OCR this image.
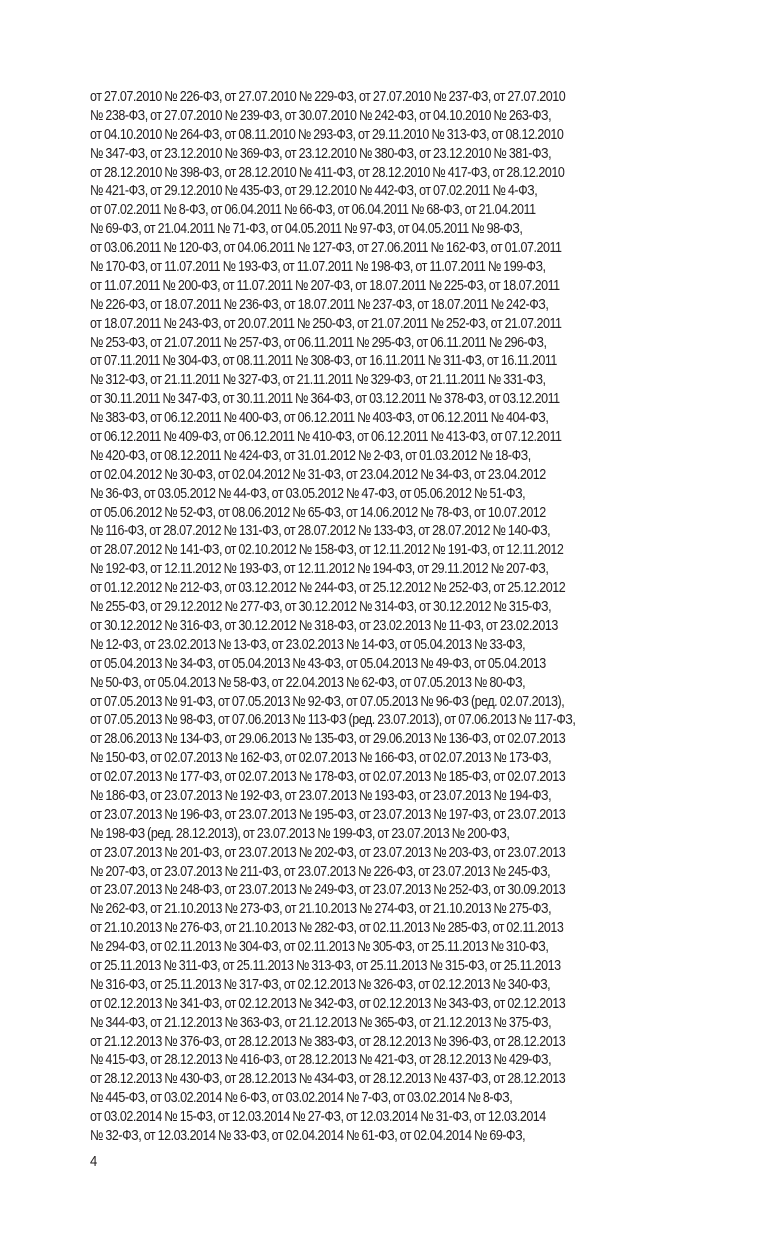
от 27.07.2010 № 226-ФЗ, от 27.07.2010 № 229-ФЗ, от 27.07.2010 № 237-ФЗ, от 27.07.2010
№ 238-ФЗ, от 27.07.2010 № 239-ФЗ, от 30.07.2010 № 242-ФЗ, от 04.10.2010 № 263-ФЗ,
от 04.10.2010 № 264-ФЗ, от 08.11.2010 № 293-ФЗ, от 29.11.2010 № 313-ФЗ, от 08.12.2010
№ 347-ФЗ, от 23.12.2010 № 369-ФЗ, от 23.12.2010 № 380-ФЗ, от 23.12.2010 № 381-ФЗ,
от 28.12.2010 № 398-ФЗ, от 28.12.2010 № 411-ФЗ, от 28.12.2010 № 417-ФЗ, от 28.12.2010
№ 421-ФЗ, от 29.12.2010 № 435-ФЗ, от 29.12.2010 № 442-ФЗ, от 07.02.2011 № 4-ФЗ,
от 07.02.2011 № 8-ФЗ, от 06.04.2011 № 66-ФЗ, от 06.04.2011 № 68-ФЗ, от 21.04.2011
№ 69-ФЗ, от 21.04.2011 № 71-ФЗ, от 04.05.2011 № 97-ФЗ, от 04.05.2011 № 98-ФЗ,
от 03.06.2011 № 120-ФЗ, от 04.06.2011 № 127-ФЗ, от 27.06.2011 № 162-ФЗ, от 01.07.2011
№ 170-ФЗ, от 11.07.2011 № 193-ФЗ, от 11.07.2011 № 198-ФЗ, от 11.07.2011 № 199-ФЗ,
от 11.07.2011 № 200-ФЗ, от 11.07.2011 № 207-ФЗ, от 18.07.2011 № 225-ФЗ, от 18.07.2011
№ 226-ФЗ, от 18.07.2011 № 236-ФЗ, от 18.07.2011 № 237-ФЗ, от 18.07.2011 № 242-ФЗ,
от 18.07.2011 № 243-ФЗ, от 20.07.2011 № 250-ФЗ, от 21.07.2011 № 252-ФЗ, от 21.07.2011
№ 253-ФЗ, от 21.07.2011 № 257-ФЗ, от 06.11.2011 № 295-ФЗ, от 06.11.2011 № 296-ФЗ,
от 07.11.2011 № 304-ФЗ, от 08.11.2011 № 308-ФЗ, от 16.11.2011 № 311-ФЗ, от 16.11.2011
№ 312-ФЗ, от 21.11.2011 № 327-ФЗ, от 21.11.2011 № 329-ФЗ, от 21.11.2011 № 331-ФЗ,
от 30.11.2011 № 347-ФЗ, от 30.11.2011 № 364-ФЗ, от 03.12.2011 № 378-ФЗ, от 03.12.2011
№ 383-ФЗ, от 06.12.2011 № 400-ФЗ, от 06.12.2011 № 403-ФЗ, от 06.12.2011 № 404-ФЗ,
от 06.12.2011 № 409-ФЗ, от 06.12.2011 № 410-ФЗ, от 06.12.2011 № 413-ФЗ, от 07.12.2011
№ 420-ФЗ, от 08.12.2011 № 424-ФЗ, от 31.01.2012 № 2-ФЗ, от 01.03.2012 № 18-ФЗ,
от 02.04.2012 № 30-ФЗ, от 02.04.2012 № 31-ФЗ, от 23.04.2012 № 34-ФЗ, от 23.04.2012
№ 36-ФЗ, от 03.05.2012 № 44-ФЗ, от 03.05.2012 № 47-ФЗ, от 05.06.2012 № 51-ФЗ,
от 05.06.2012 № 52-ФЗ, от 08.06.2012 № 65-ФЗ, от 14.06.2012 № 78-ФЗ, от 10.07.2012
№ 116-ФЗ, от 28.07.2012 № 131-ФЗ, от 28.07.2012 № 133-ФЗ, от 28.07.2012 № 140-ФЗ,
от 28.07.2012 № 141-ФЗ, от 02.10.2012 № 158-ФЗ, от 12.11.2012 № 191-ФЗ, от 12.11.2012
№ 192-ФЗ, от 12.11.2012 № 193-ФЗ, от 12.11.2012 № 194-ФЗ, от 29.11.2012 № 207-ФЗ,
от 01.12.2012 № 212-ФЗ, от 03.12.2012 № 244-ФЗ, от 25.12.2012 № 252-ФЗ, от 25.12.2012
№ 255-ФЗ, от 29.12.2012 № 277-ФЗ, от 30.12.2012 № 314-ФЗ, от 30.12.2012 № 315-ФЗ,
от 30.12.2012 № 316-ФЗ, от 30.12.2012 № 318-ФЗ, от 23.02.2013 № 11-ФЗ, от 23.02.2013
№ 12-ФЗ, от 23.02.2013 № 13-ФЗ, от 23.02.2013 № 14-ФЗ, от 05.04.2013 № 33-ФЗ,
от 05.04.2013 № 34-ФЗ, от 05.04.2013 № 43-ФЗ, от 05.04.2013 № 49-ФЗ, от 05.04.2013
№ 50-ФЗ, от 05.04.2013 № 58-ФЗ, от 22.04.2013 № 62-ФЗ, от 07.05.2013 № 80-ФЗ,
от 07.05.2013 № 91-ФЗ, от 07.05.2013 № 92-ФЗ, от 07.05.2013 № 96-ФЗ (ред. 02.07.2013),
от 07.05.2013 № 98-ФЗ, от 07.06.2013 № 113-ФЗ (ред. 23.07.2013), от 07.06.2013 № 117-ФЗ,
от 28.06.2013 № 134-ФЗ, от 29.06.2013 № 135-ФЗ, от 29.06.2013 № 136-ФЗ, от 02.07.2013
№ 150-ФЗ, от 02.07.2013 № 162-ФЗ, от 02.07.2013 № 166-ФЗ, от 02.07.2013 № 173-ФЗ,
от 02.07.2013 № 177-ФЗ, от 02.07.2013 № 178-ФЗ, от 02.07.2013 № 185-ФЗ, от 02.07.2013
№ 186-ФЗ, от 23.07.2013 № 192-ФЗ, от 23.07.2013 № 193-ФЗ, от 23.07.2013 № 194-ФЗ,
от 23.07.2013 № 196-ФЗ, от 23.07.2013 № 195-ФЗ, от 23.07.2013 № 197-ФЗ, от 23.07.2013
№ 198-ФЗ (ред. 28.12.2013), от 23.07.2013 № 199-ФЗ, от 23.07.2013 № 200-ФЗ,
от 23.07.2013 № 201-ФЗ, от 23.07.2013 № 202-ФЗ, от 23.07.2013 № 203-ФЗ, от 23.07.2013
№ 207-ФЗ, от 23.07.2013 № 211-ФЗ, от 23.07.2013 № 226-ФЗ, от 23.07.2013 № 245-ФЗ,
от 23.07.2013 № 248-ФЗ, от 23.07.2013 № 249-ФЗ, от 23.07.2013 № 252-ФЗ, от 30.09.2013
№ 262-ФЗ, от 21.10.2013 № 273-ФЗ, от 21.10.2013 № 274-ФЗ, от 21.10.2013 № 275-ФЗ,
от 21.10.2013 № 276-ФЗ, от 21.10.2013 № 282-ФЗ, от 02.11.2013 № 285-ФЗ, от 02.11.2013
№ 294-ФЗ, от 02.11.2013 № 304-ФЗ, от 02.11.2013 № 305-ФЗ, от 25.11.2013 № 310-ФЗ,
от 25.11.2013 № 311-ФЗ, от 25.11.2013 № 313-ФЗ, от 25.11.2013 № 315-ФЗ, от 25.11.2013
№ 316-ФЗ, от 25.11.2013 № 317-ФЗ, от 02.12.2013 № 326-ФЗ, от 02.12.2013 № 340-ФЗ,
от 02.12.2013 № 341-ФЗ, от 02.12.2013 № 342-ФЗ, от 02.12.2013 № 343-ФЗ, от 02.12.2013
№ 344-ФЗ, от 21.12.2013 № 363-ФЗ, от 21.12.2013 № 365-ФЗ, от 21.12.2013 № 375-ФЗ,
от 21.12.2013 № 376-ФЗ, от 28.12.2013 № 383-ФЗ, от 28.12.2013 № 396-ФЗ, от 28.12.2013
№ 415-ФЗ, от 28.12.2013 № 416-ФЗ, от 28.12.2013 № 421-ФЗ, от 28.12.2013 № 429-ФЗ,
от 28.12.2013 № 430-ФЗ, от 28.12.2013 № 434-ФЗ, от 28.12.2013 № 437-ФЗ, от 28.12.2013
№ 445-ФЗ, от 03.02.2014 № 6-ФЗ, от 03.02.2014 № 7-ФЗ, от 03.02.2014 № 8-ФЗ,
от 03.02.2014 № 15-ФЗ, от 12.03.2014 № 27-ФЗ, от 12.03.2014 № 31-ФЗ, от 12.03.2014
№ 32-ФЗ, от 12.03.2014 № 33-ФЗ, от 02.04.2014 № 61-ФЗ, от 02.04.2014 № 69-ФЗ,
4
